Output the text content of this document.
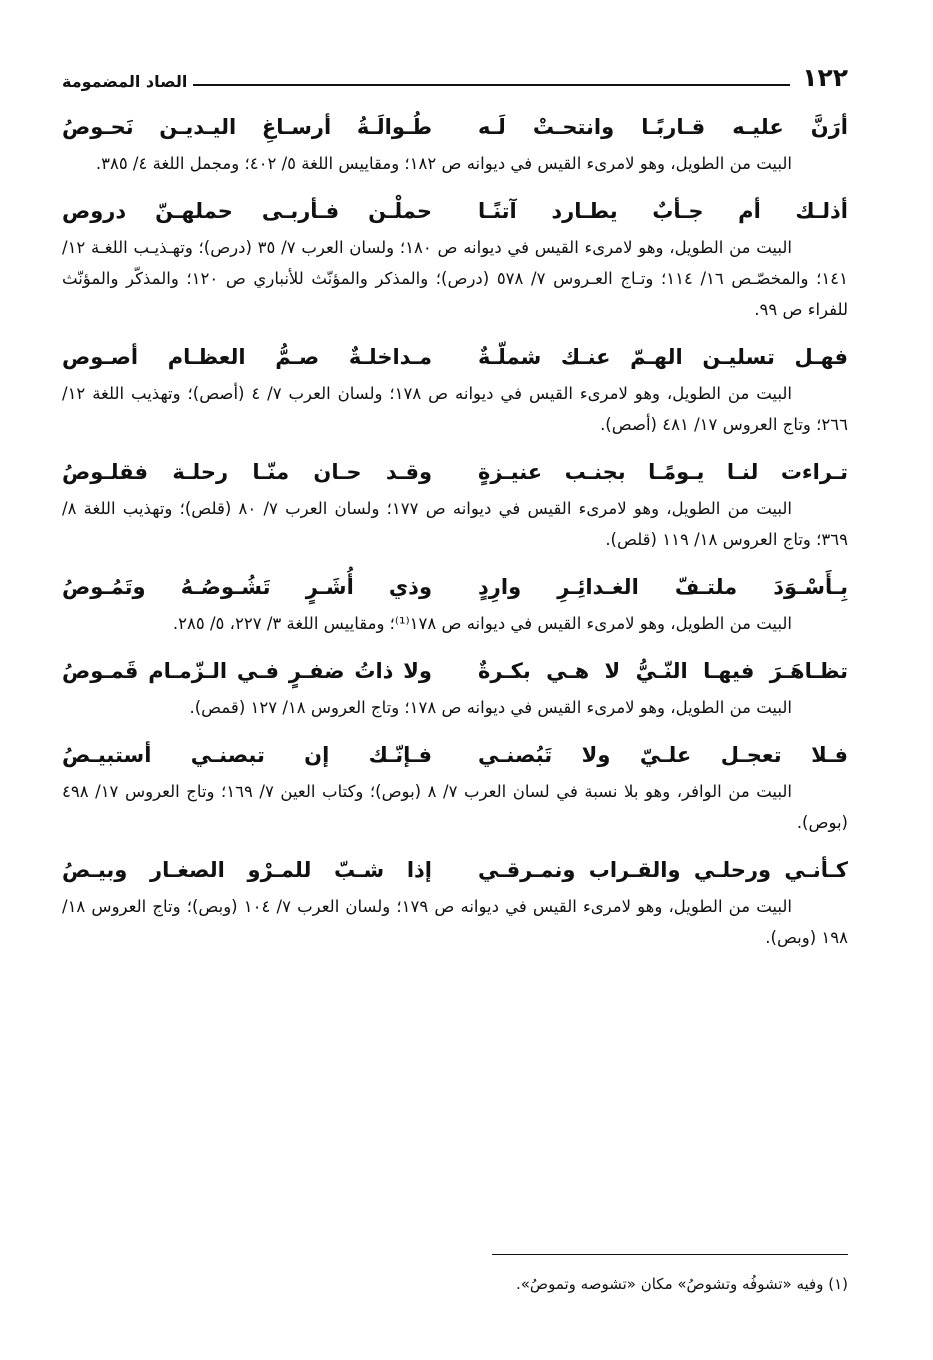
١٢٢
الصاد المضمومة
أرَنَّ عليـه قـاربًـا وانتحـتْ لَـه
طُـوالَـةُ أرسـاغِ اليـديـن نَحـوصُ
البيت من الطويل، وهو لامرىء القيس في ديوانه ص ١٨٢؛ ومقاييس اللغة ٥/ ٤٠٢؛ ومجمل اللغة ٤/ ٣٨٥.
أذلـك أم جـأبٌ يطـارد آتنًـا
حملْـن فـأربـى حملهـنّ دروص
البيت من الطويل، وهو لامرىء القيس في ديوانه ص ١٨٠؛ ولسان العرب ٧/ ٣٥ (درص)؛ وتهـذيـب اللغـة ١٢/ ١٤١؛ والمخصّـص ١٦/ ١١٤؛ وتـاج العـروس ٧/ ٥٧٨ (درص)؛ والمذكر والمؤنّث للأنباري ص ١٢٠؛ والمذكّر والمؤنّث للفراء ص ٩٩.
فهـل تسليـن الهـمّ عنـك شملّـةٌ
مـداخلـةٌ صـمُّ العظـام أصـوص
البيت من الطويل، وهو لامرىء القيس في ديوانه ص ١٧٨؛ ولسان العرب ٧/ ٤ (أصص)؛ وتهذيب اللغة ١٢/ ٢٦٦؛ وتاج العروس ١٧/ ٤٨١ (أصص).
تـراءت لنـا يـومًـا بجنـب عنيـزةٍ
وقـد حـان منّـا رحلـة فقلـوصُ
البيت من الطويل، وهو لامرىء القيس في ديوانه ص ١٧٧؛ ولسان العرب ٧/ ٨٠ (قلص)؛ وتهذيب اللغة ٨/ ٣٦٩؛ وتاج العروس ١٨/ ١١٩ (قلص).
بِـأَسْـوَدَ ملتـفّ الغـدائِـرِ وارِدٍ
وذي أُشَـرٍ تَشُـوصُـهُ وتَمُـوصُ
البيت من الطويل، وهو لامرىء القيس في ديوانه ص ١٧٨⁽¹⁾؛ ومقاييس اللغة ٣/ ٢٢٧، ٥/ ٢٨٥.
تظـاهَـرَ فيهـا النّـيُّ لا هـي بكـرةٌ
ولا ذاتُ ضفـرٍ فـي الـزّمـام قَمـوصُ
البيت من الطويل، وهو لامرىء القيس في ديوانه ص ١٧٨؛ وتاج العروس ١٨/ ١٢٧ (قمص).
فـلا تعجـل علـيّ ولا تَبُصنـي
فـإنّـك إن تبصنـي أستبيـصُ
البيت من الوافر، وهو بلا نسبة في لسان العرب ٧/ ٨ (بوص)؛ وكتاب العين ٧/ ١٦٩؛ وتاج العروس ١٧/ ٤٩٨ (بوص).
كـأنـي ورحلـي والقـراب ونمـرقـي
إذا شـبّ للمـرْو الصغـار وبيـصُ
البيت من الطويل، وهو لامرىء القيس في ديوانه ص ١٧٩؛ ولسان العرب ٧/ ١٠٤ (وبص)؛ وتاج العروس ١٨/ ١٩٨ (وبص).
(١) وفيه «تشوفُه وتشوصُ» مكان «تشوصه وتموصُ».
